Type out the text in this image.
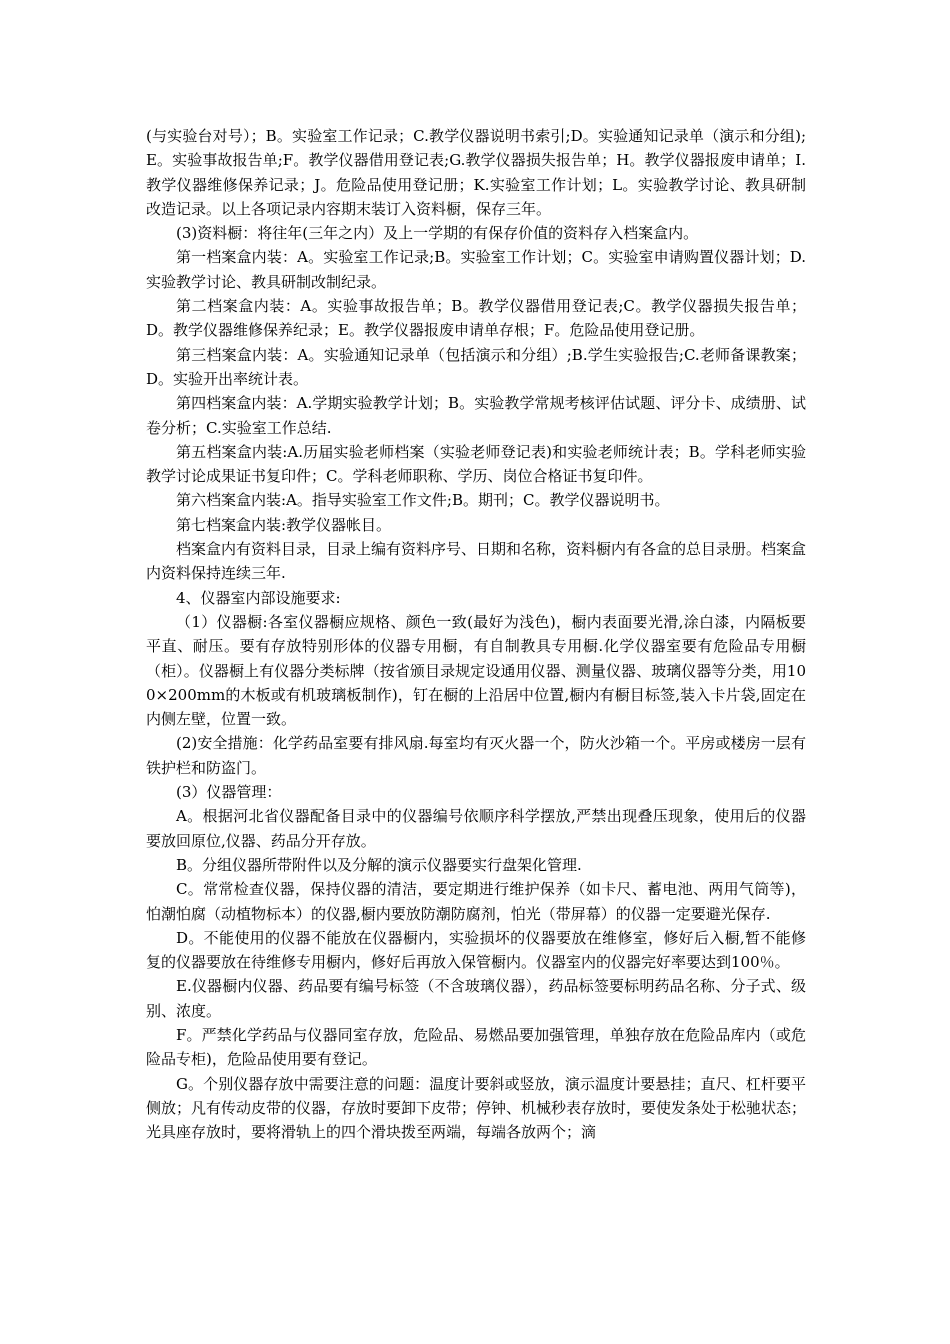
(与实验台对号）；B。实验室工作记录；C.教学仪器说明书索引;D。实验通知记录单（演示和分组);E。实验事故报告单;F。教学仪器借用登记表;G.教学仪器损失报告单；H。教学仪器报废申请单；I.教学仪器维修保养记录；J。危险品使用登记册；K.实验室工作计划；L。实验教学讨论、教具研制改造记录。以上各项记录内容期末装订入资料橱，保存三年。

(3)资料橱：将往年(三年之内）及上一学期的有保存价值的资料存入档案盒内。

第一档案盒内装：A。实验室工作记录;B。实验室工作计划；C。实验室申请购置仪器计划；D.实验教学讨论、教具研制改制纪录。

第二档案盒内装：A。实验事故报告单；B。教学仪器借用登记表;C。教学仪器损失报告单；D。教学仪器维修保养纪录；E。教学仪器报废申请单存根；F。危险品使用登记册。

第三档案盒内装：A。实验通知记录单（包括演示和分组）;B.学生实验报告;C.老师备课教案；D。实验开出率统计表。

第四档案盒内装：A.学期实验教学计划；B。实验教学常规考核评估试题、评分卡、成绩册、试卷分析；C.实验室工作总结.

第五档案盒内装:A.历届实验老师档案（实验老师登记表)和实验老师统计表；B。学科老师实验教学讨论成果证书复印件；C。学科老师职称、学历、岗位合格证书复印件。

第六档案盒内装:A。指导实验室工作文件;B。期刊；C。教学仪器说明书。

第七档案盒内装:教学仪器帐目。

档案盒内有资料目录，目录上编有资料序号、日期和名称，资料橱内有各盒的总目录册。档案盒内资料保持连续三年.

4、仪器室内部设施要求:

（1）仪器橱:各室仪器橱应规格、颜色一致(最好为浅色)，橱内表面要光滑,涂白漆，内隔板要平直、耐压。要有存放特别形体的仪器专用橱，有自制教具专用橱.化学仪器室要有危险品专用橱（柜）。仪器橱上有仪器分类标牌（按省颁目录规定设通用仪器、测量仪器、玻璃仪器等分类，用100×200mm的木板或有机玻璃板制作)，钉在橱的上沿居中位置,橱内有橱目标签,装入卡片袋,固定在内侧左壁，位置一致。

(2)安全措施：化学药品室要有排风扇.每室均有灭火器一个，防火沙箱一个。平房或楼房一层有铁护栏和防盗门。

(3）仪器管理：

A。根据河北省仪器配备目录中的仪器编号依顺序科学摆放,严禁出现叠压现象，使用后的仪器要放回原位,仪器、药品分开存放。

B。分组仪器所带附件以及分解的演示仪器要实行盘架化管理.

C。常常检查仪器，保持仪器的清洁，要定期进行维护保养（如卡尺、蓄电池、两用气筒等)，怕潮怕腐（动植物标本）的仪器,橱内要放防潮防腐剂，怕光（带屏幕）的仪器一定要避光保存.

D。不能使用的仪器不能放在仪器橱内，实验损坏的仪器要放在维修室，修好后入橱,暂不能修复的仪器要放在待维修专用橱内，修好后再放入保管橱内。仪器室内的仪器完好率要达到100％。

E.仪器橱内仪器、药品要有编号标签（不含玻璃仪器），药品标签要标明药品名称、分子式、级别、浓度。

F。严禁化学药品与仪器同室存放，危险品、易燃品要加强管理，单独存放在危险品库内（或危险品专柜)，危险品使用要有登记。

G。个别仪器存放中需要注意的问题：温度计要斜或竖放，演示温度计要悬挂；直尺、杠杆要平侧放；凡有传动皮带的仪器，存放时要卸下皮带；停钟、机械秒表存放时，要使发条处于松驰状态；光具座存放时，要将滑轨上的四个滑块拨至两端，每端各放两个；滴
